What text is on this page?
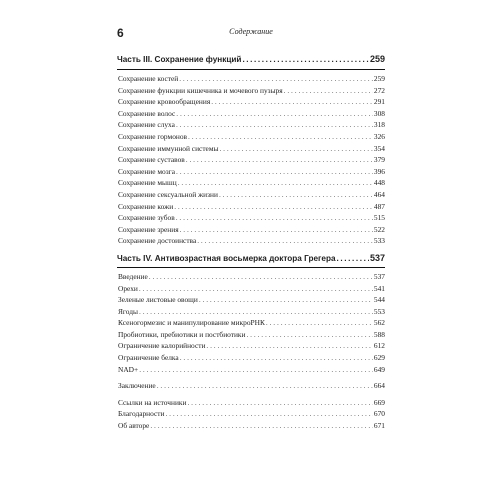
6	Содержание
Часть III. Сохранение функций .....	259
Сохранение костей . . .	259
Сохранение функции кишечника и мочевого пузыря . . .	272
Сохранение кровообращения . . .	291
Сохранение волос . . .	308
Сохранение слуха . . .	318
Сохранение гормонов . . .	326
Сохранение иммунной системы . . .	354
Сохранение суставов . . .	379
Сохранение мозга . . .	396
Сохранение мышц . . .	448
Сохранение сексуальной жизни . . .	464
Сохранение кожи . . .	487
Сохранение зубов . . .	515
Сохранение зрения . . .	522
Сохранение достоинства . . .	533
Часть IV. Антивозрастная восьмерка доктора Грегера .....	537
Введение . . .	537
Орехи . . .	541
Зеленые листовые овощи . . .	544
Ягоды . . .	553
Ксеногормезис и манипулирование микроРНК . . .	562
Пробиотики, пребиотики и постбиотики . . .	588
Ограничение калорийности . . .	612
Ограничение белка . . .	629
NAD+ . . .	649
Заключение . . .	664
Ссылки на источники . . .	669
Благодарности . . .	670
Об авторе . . .	671
